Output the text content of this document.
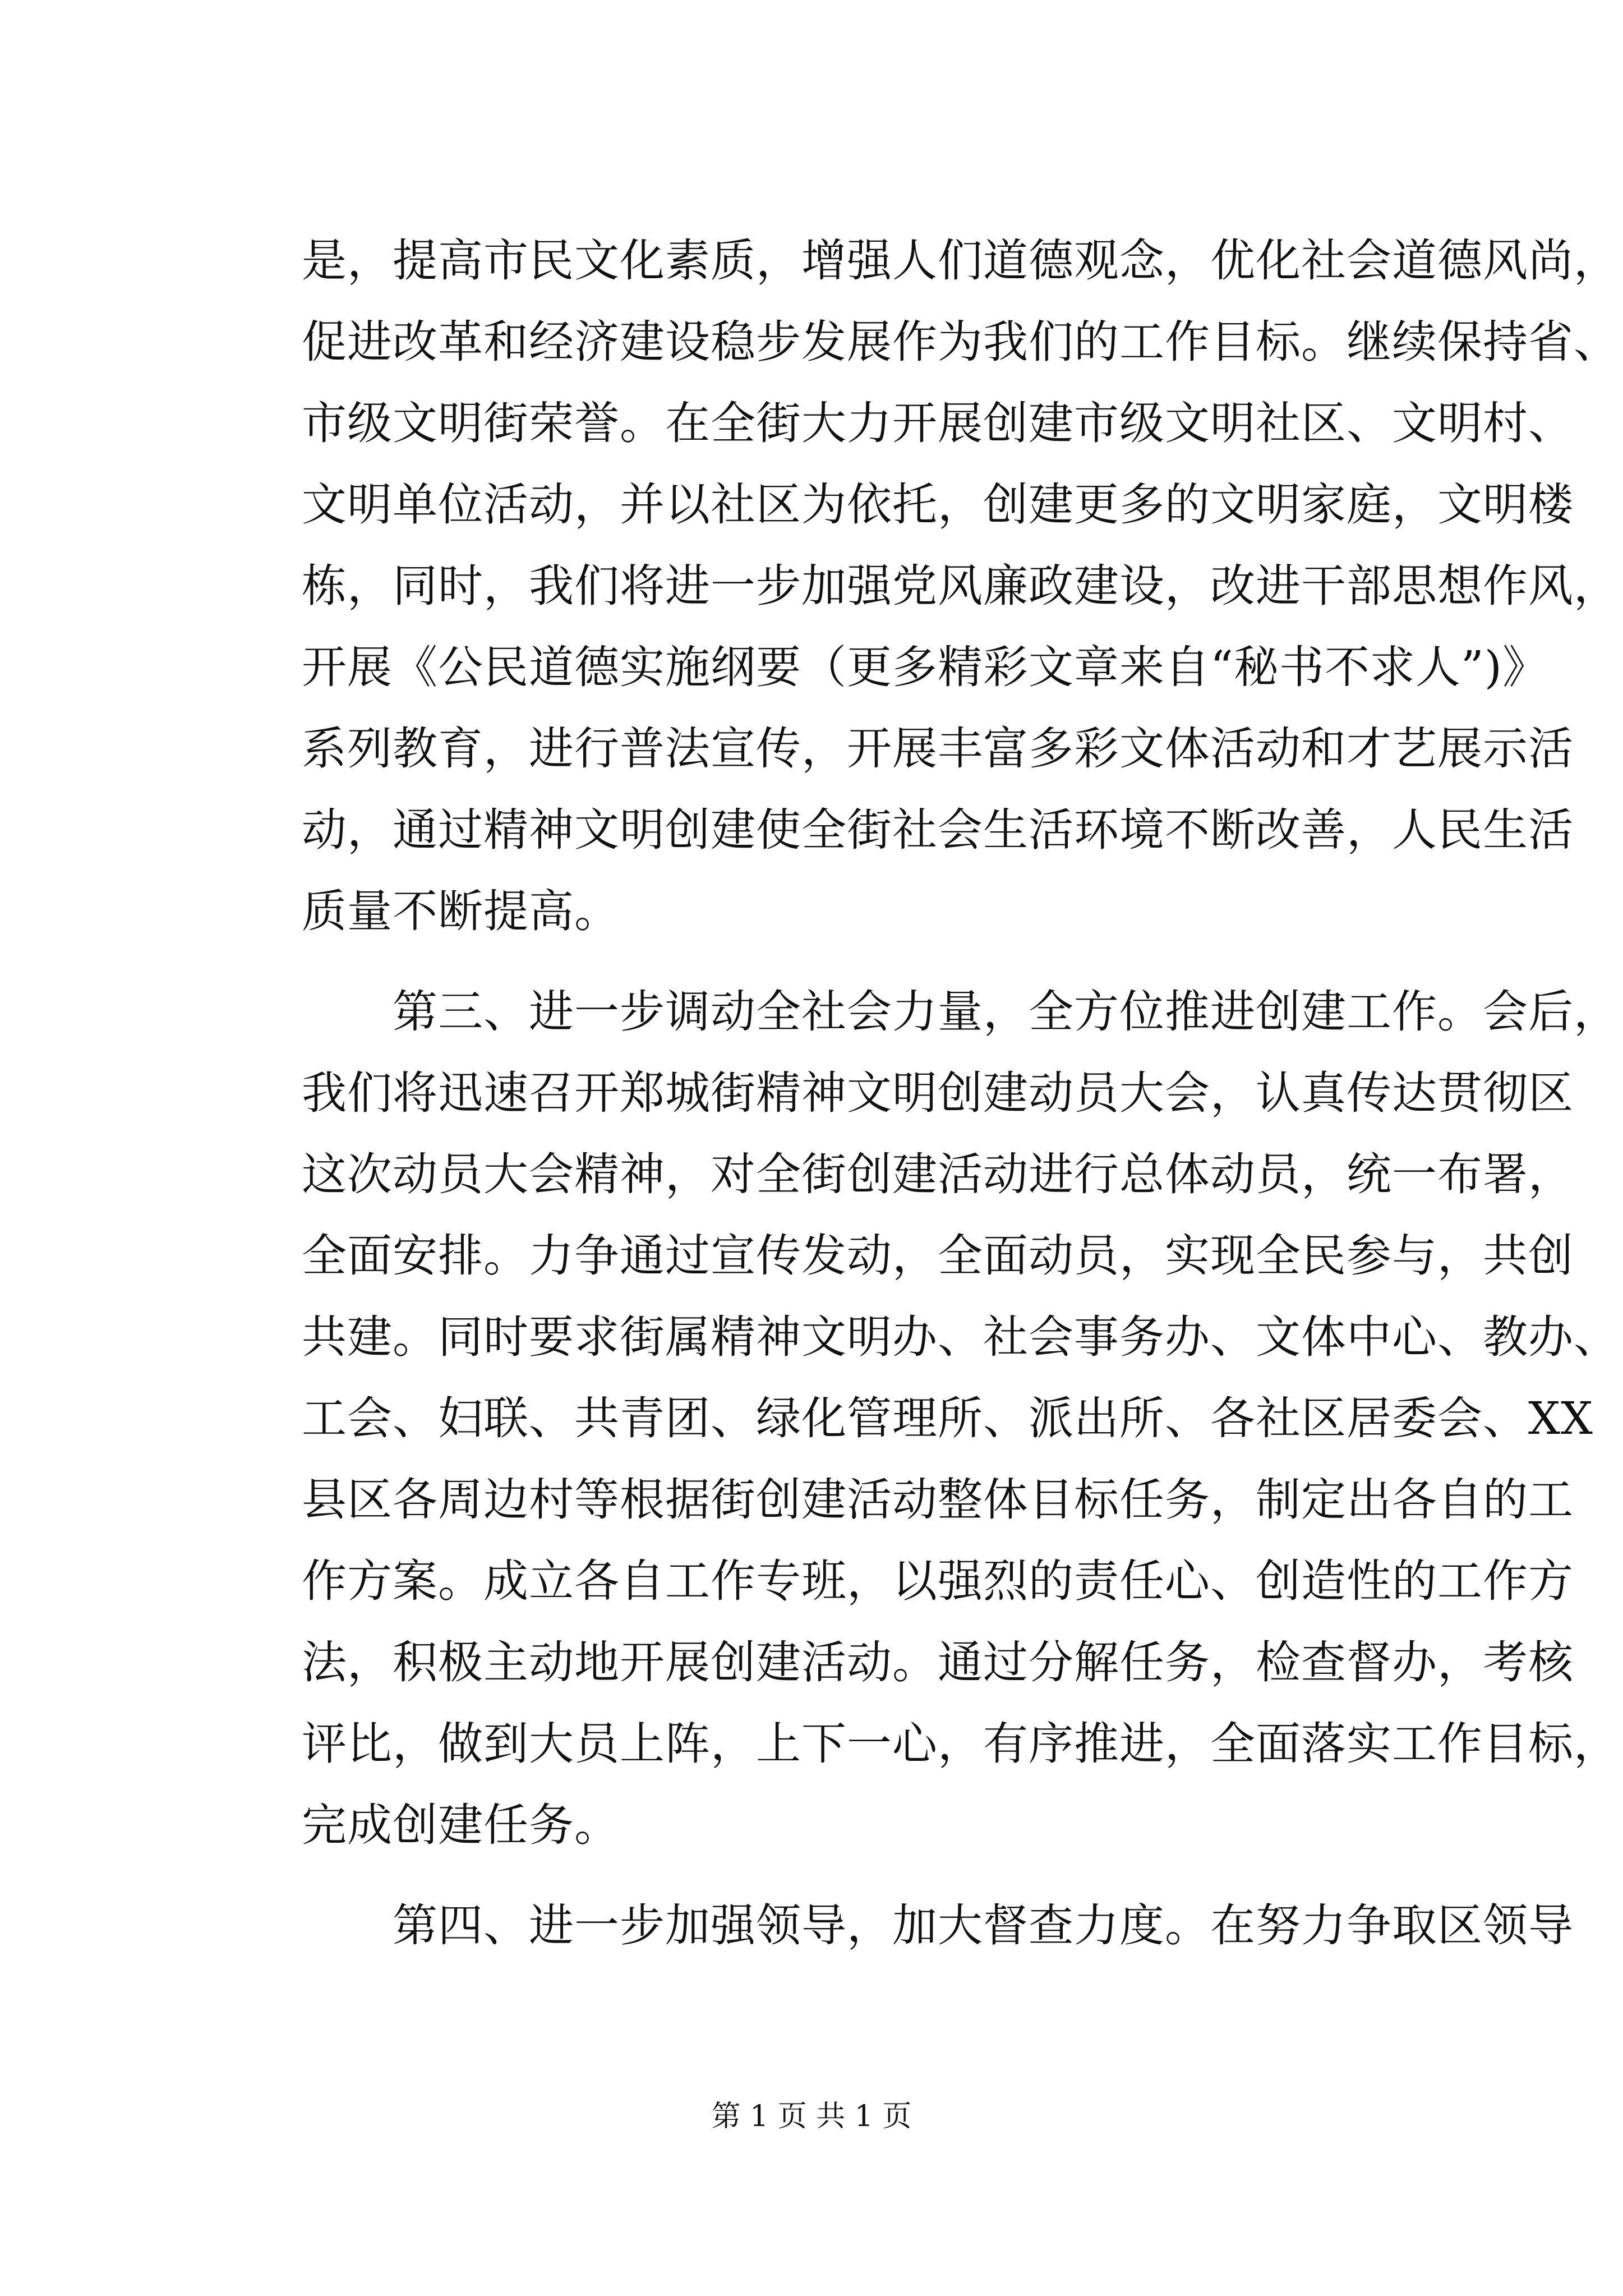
是，提高市民文化素质，增强人们道德观念，优化社会道德风尚，
促进改革和经济建设稳步发展作为我们的工作目标。继续保持省、
市级文明街荣誉。在全街大力开展创建市级文明社区、文明村、
文明单位活动，并以社区为依托，创建更多的文明家庭，文明楼
栋，同时，我们将进一步加强党风廉政建设，改进干部思想作风，
开展《公民道德实施纲要（更多精彩文章来自“秘书不求人”)》
系列教育，进行普法宣传，开展丰富多彩文体活动和才艺展示活
动，通过精神文明创建使全街社会生活环境不断改善，人民生活
质量不断提高。
第三、进一步调动全社会力量，全方位推进创建工作。会后，
我们将迅速召开郑城街精神文明创建动员大会，认真传达贯彻区
这次动员大会精神，对全街创建活动进行总体动员，统一布署，
全面安排。力争通过宣传发动，全面动员，实现全民参与，共创
共建。同时要求街属精神文明办、社会事务办、文体中心、教办、
工会、妇联、共青团、绿化管理所、派出所、各社区居委会、XX
县区各周边村等根据街创建活动整体目标任务，制定出各自的工
作方案。成立各自工作专班，以强烈的责任心、创造性的工作方
法，积极主动地开展创建活动。通过分解任务，检查督办，考核
评比，做到大员上阵，上下一心，有序推进，全面落实工作目标，
完成创建任务。
第四、进一步加强领导，加大督查力度。在努力争取区领导
第 1 页 共 1 页
